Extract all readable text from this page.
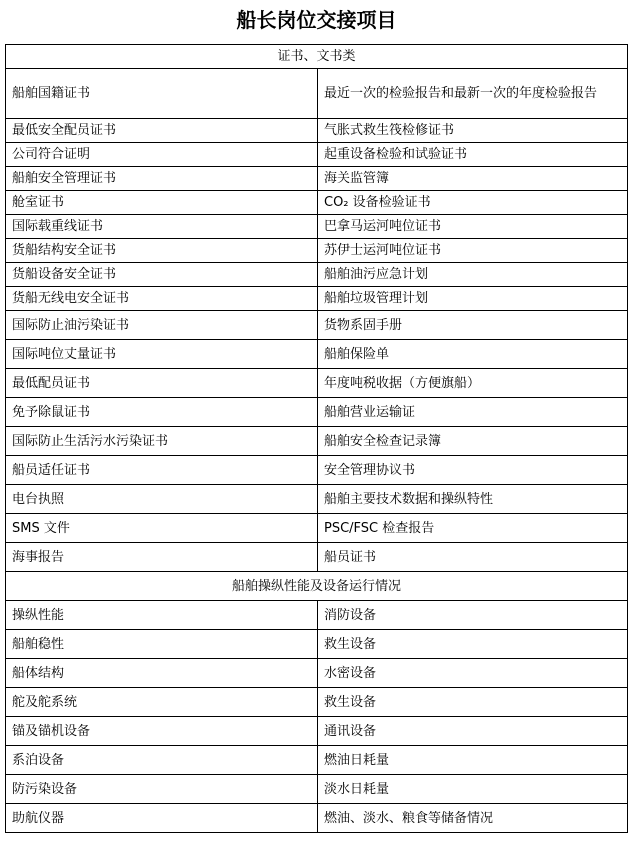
船长岗位交接项目
证书、文书类	
船舶国籍证书	最近一次的检验报告和最新一次的年度检验报告
最低安全配员证书	气胀式救生筏检修证书
公司符合证明	起重设备检验和试验证书
船舶安全管理证书	海关监管簿
舱室证书	CO₂ 设备检验证书
国际载重线证书	巴拿马运河吨位证书
货船结构安全证书	苏伊士运河吨位证书
货船设备安全证书	船舶油污应急计划
货船无线电安全证书	船舶垃圾管理计划
国际防止油污染证书	货物系固手册
国际吨位丈量证书	船舶保险单
最低配员证书	年度吨税收据（方便旗船）
免予除鼠证书	船舶营业运输证
国际防止生活污水污染证书	船舶安全检查记录簿
船员适任证书	安全管理协议书
电台执照	船舶主要技术数据和操纵特性
SMS 文件	PSC/FSC 检查报告
海事报告	船员证书
船舶操纵性能及设备运行情况	
操纵性能	消防设备
船舶稳性	救生设备
船体结构	水密设备
舵及舵系统	救生设备
锚及锚机设备	通讯设备
系泊设备	燃油日耗量
防污染设备	淡水日耗量
助航仪器	燃油、淡水、粮食等储备情况
